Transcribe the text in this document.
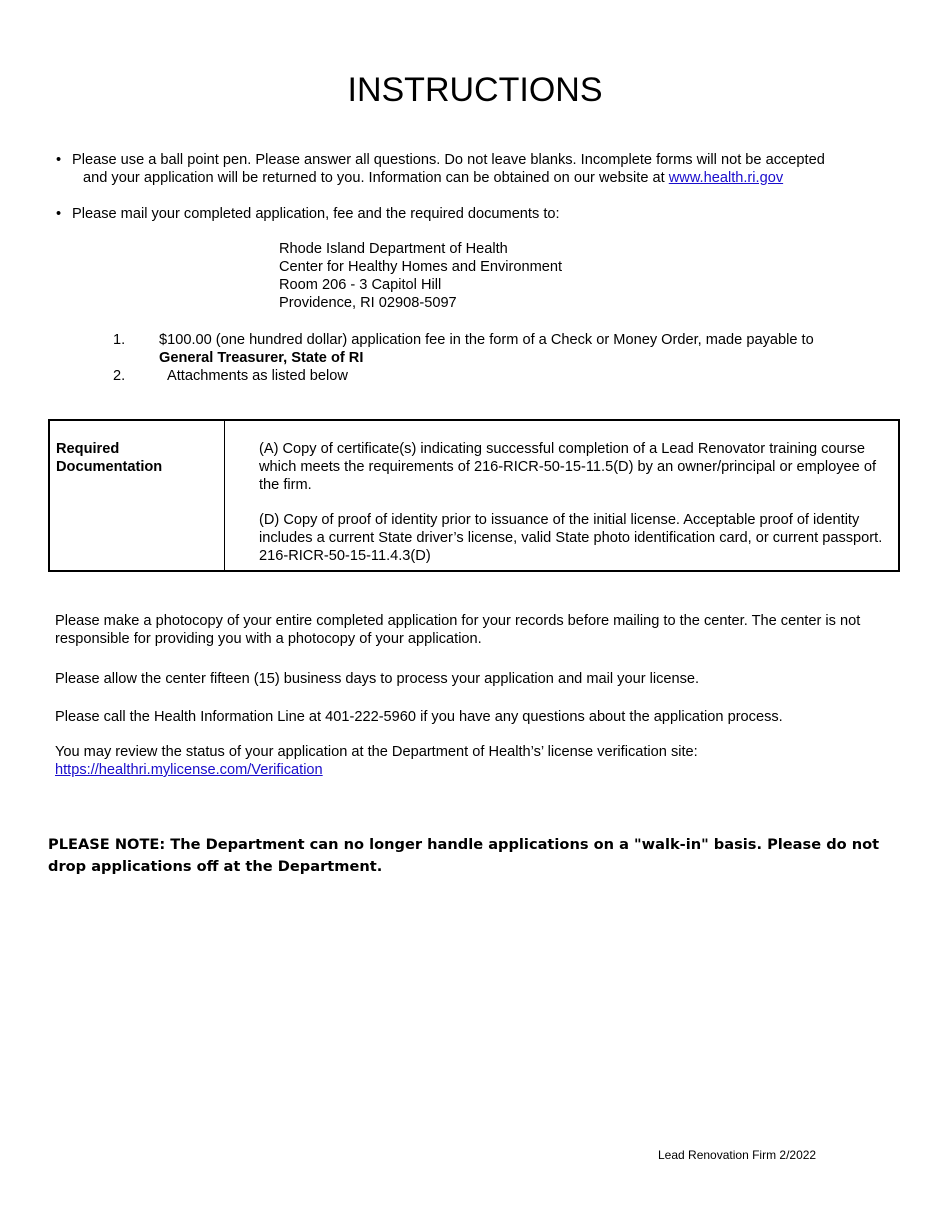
INSTRUCTIONS
• Please use a ball point pen. Please answer all questions. Do not leave blanks. Incomplete forms will not be accepted
and your application will be returned to you. Information can be obtained on our website at www.health.ri.gov
• Please mail your completed application, fee and the required documents to:
Rhode Island Department of Health
Center for Healthy Homes and Environment
Room 206 - 3 Capitol Hill
Providence, RI 02908-5097
1.	$100.00 (one hundred dollar) application fee in the form of a Check or Money Order, made payable to
General Treasurer, State of RI
2.	Attachments as listed below
Required
Documentation
(A) Copy of certificate(s) indicating successful completion of a Lead Renovator training course which meets the requirements of 216-RICR-50-15-11.5(D) by an owner/principal or employee of the firm.
(D) Copy of proof of identity prior to issuance of the initial license. Acceptable proof of identity includes a current State driver’s license, valid State photo identification card, or current passport. 216-RICR-50-15-11.4.3(D)
Please make a photocopy of your entire completed application for your records before mailing to the center. The center is not responsible for providing you with a photocopy of your application.
Please allow the center fifteen (15) business days to process your application and mail your license.
Please call the Health Information Line at 401-222-5960 if you have any questions about the application process.
You may review the status of your application at the Department of Health’s’ license verification site:
https://healthri.mylicense.com/Verification
PLEASE NOTE: The Department can no longer handle applications on a "walk-in" basis. Please do not drop applications off at the Department.
Lead Renovation Firm 2/2022
